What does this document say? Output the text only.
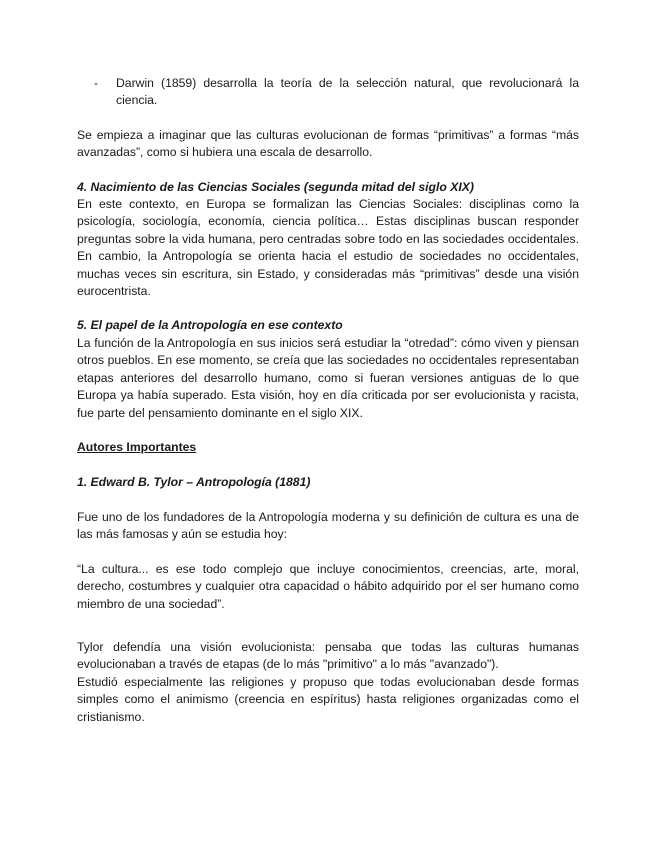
- Darwin (1859) desarrolla la teoría de la selección natural, que revolucionará la ciencia.

Se empieza a imaginar que las culturas evolucionan de formas “primitivas” a formas “más avanzadas”, como si hubiera una escala de desarrollo.

4. Nacimiento de las Ciencias Sociales (segunda mitad del siglo XIX)

En este contexto, en Europa se formalizan las Ciencias Sociales: disciplinas como la psicología, sociología, economía, ciencia política… Estas disciplinas buscan responder preguntas sobre la vida humana, pero centradas sobre todo en las sociedades occidentales. En cambio, la Antropología se orienta hacia el estudio de sociedades no occidentales, muchas veces sin escritura, sin Estado, y consideradas más “primitivas” desde una visión eurocentrista.

5. El papel de la Antropología en ese contexto

La función de la Antropología en sus inicios será estudiar la “otredad”: cómo viven y piensan otros pueblos. En ese momento, se creía que las sociedades no occidentales representaban etapas anteriores del desarrollo humano, como si fueran versiones antiguas de lo que Europa ya había superado. Esta visión, hoy en día criticada por ser evolucionista y racista, fue parte del pensamiento dominante en el siglo XIX.

Autores Importantes

1. Edward B. Tylor – Antropología (1881)

Fue uno de los fundadores de la Antropología moderna y su definición de cultura es una de las más famosas y aún se estudia hoy:

“La cultura... es ese todo complejo que incluye conocimientos, creencias, arte, moral, derecho, costumbres y cualquier otra capacidad o hábito adquirido por el ser humano como miembro de una sociedad”.

Tylor defendía una visión evolucionista: pensaba que todas las culturas humanas evolucionaban a través de etapas (de lo más "primitivo" a lo más "avanzado").

Estudió especialmente las religiones y propuso que todas evolucionaban desde formas simples como el animismo (creencia en espíritus) hasta religiones organizadas como el cristianismo.
